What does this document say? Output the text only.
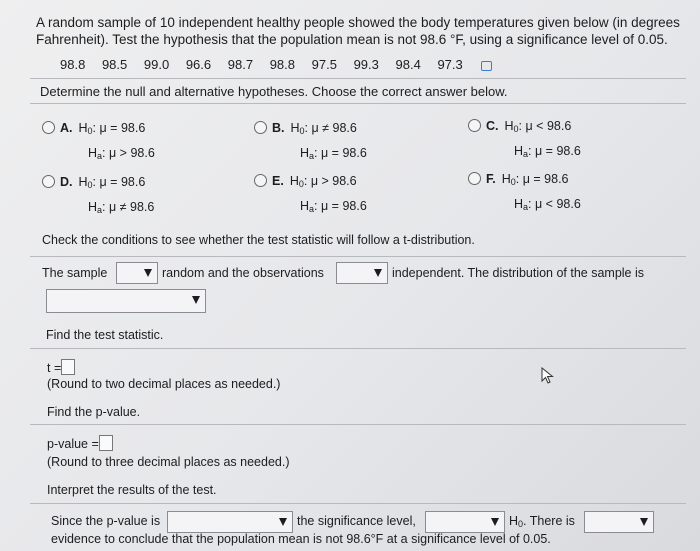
A random sample of 10 independent healthy people showed the body temperatures given below (in degrees Fahrenheit). Test the hypothesis that the population mean is not 98.6 °F, using a significance level of 0.05.
98.8 98.5 99.0 96.6 98.7 98.8 97.5 99.3 98.4 97.3
Determine the null and alternative hypotheses. Choose the correct answer below.
A. $H_0$: μ = 98.6
$H_a$: μ > 98.6
B. $H_0$: μ ≠ 98.6
$H_a$: μ = 98.6
C. $H_0$: μ < 98.6
$H_a$: μ = 98.6
D. $H_0$: μ = 98.6
$H_a$: μ ≠ 98.6
E. $H_0$: μ > 98.6
$H_a$: μ = 98.6
F. $H_0$: μ = 98.6
$H_a$: μ < 98.6
Check the conditions to see whether the test statistic will follow a t-distribution.
The sample	random and the observations	independent. The distribution of the sample is
Find the test statistic.
t =
(Round to two decimal places as needed.)
Find the p-value.
p-value =
(Round to three decimal places as needed.)
Interpret the results of the test.
Since the p-value is	the significance level,	$H_0$. There is
evidence to conclude that the population mean is not 98.6°F at a significance level of 0.05.
